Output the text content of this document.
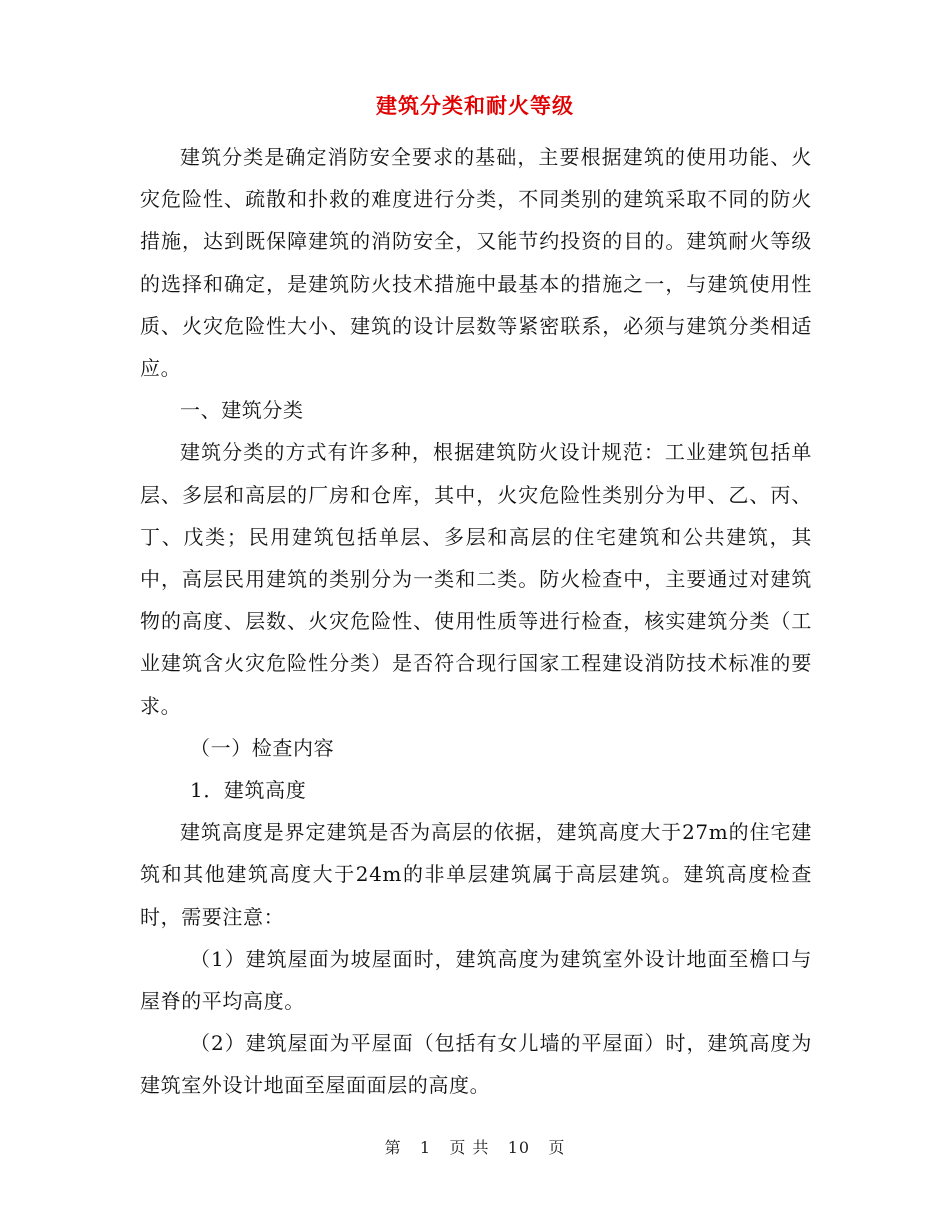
建筑分类和耐火等级

建筑分类是确定消防安全要求的基础，主要根据建筑的使用功能、火灾危险性、疏散和扑救的难度进行分类，不同类别的建筑采取不同的防火措施，达到既保障建筑的消防安全，又能节约投资的目的。建筑耐火等级的选择和确定，是建筑防火技术措施中最基本的措施之一，与建筑使用性质、火灾危险性大小、建筑的设计层数等紧密联系，必须与建筑分类相适应。

一、建筑分类

建筑分类的方式有许多种，根据建筑防火设计规范：工业建筑包括单层、多层和高层的厂房和仓库，其中，火灾危险性类别分为甲、乙、丙、丁、戊类；民用建筑包括单层、多层和高层的住宅建筑和公共建筑，其中，高层民用建筑的类别分为一类和二类。防火检查中，主要通过对建筑物的高度、层数、火灾危险性、使用性质等进行检查，核实建筑分类（工业建筑含火灾危险性分类）是否符合现行国家工程建设消防技术标准的要求。

（一）检查内容

1．建筑高度

建筑高度是界定建筑是否为高层的依据，建筑高度大于27m的住宅建筑和其他建筑高度大于24m的非单层建筑属于高层建筑。建筑高度检查时，需要注意：

（1）建筑屋面为坡屋面时，建筑高度为建筑室外设计地面至檐口与屋脊的平均高度。

（2）建筑屋面为平屋面（包括有女儿墙的平屋面）时，建筑高度为建筑室外设计地面至屋面面层的高度。

第 1 页 共 10 页
